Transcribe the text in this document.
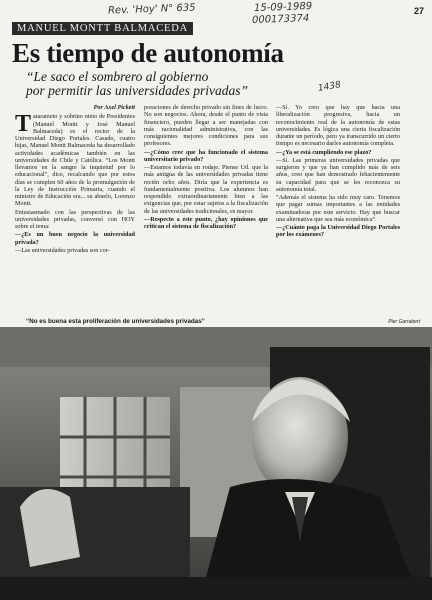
Rev. 'Hoy' N° 635	15-09-1989
000173374
1438
27
MANUEL MONTT BALMACEDA
Es tiempo de autonomía
“Le saco el sombrero al gobierno
por permitir las universidades privadas”
Por Axel Pickett

Tataranieto y sobrino nieto de Presidentes (Manuel Montt y José Manuel Balmaceda) es el rector de la Universidad Diego Portales. Casado, cuatro hijas, Manuel Montt Balmaceda ha desarrollado actividades académicas también en las universidades de Chile y Católica. “Los Montt llevamos en la sangre la inquietud por lo educacional”, dice, recalcando que por estos días se cumplen 60 años de la promulgación de la Ley de Instrucción Primaria, cuando el ministro de Educación era... su abuelo, Lorenzo Montt.

Entusiasmado con las perspectivas de las universidades privadas, conversó con HOY sobre el tema:

—¿Es un buen negocio la universidad privada?

—Las universidades privadas son cor-

poraciones de derecho privado sin fines de lucro. No son negocios. Ahora, desde el punto de vista financiero, pueden llegar a ser manejadas con más racionalidad administrativa, con las consiguientes mejores condiciones para sus profesores.

—¿Cómo cree que ha funcionado el sistema universitario privado?

—Estamos todavía en rodaje. Piense Ud. que la más antigua de las universidades privadas tiene recién ocho años. Diría que la experiencia es fundamentalmente positiva. Los alumnos han respondido extraordinariamente bien a las exigencias que, por estar sujetos a la fiscalización de las universidades tradicionales, es mayor.

—Respecto a este punto, ¿hay opiniones que critican el sistema de fiscalización?

—Sí. Yo creo que hay que hacia una liberalización progresiva, hacia un reconocimiento real de la autonomía de estas universidades. Es lógica una cierta fiscalización durante un período, pero ya transcurrido un cierto tiempo es necesario darles autonomía completa.

—¿Ya se está cumpliendo ese plazo?

—Sí. Las primeras universidades privadas que surgieron y que ya han cumplido más de seis años, creo que han demostrado fehacientemente su capacidad para que se les reconozca su autonomía total.

“Además el sistema ha sido muy caro. Tenemos que pagar sumas importantes a las entidades examinadoras por este servicio. Hay que buscar una alternativa que sea más económica”.

—¿Cuánto paga la Universidad Diego Portales por los exámenes?

“No es buena esta proliferación de universidades privadas”	Pier Garrabert
